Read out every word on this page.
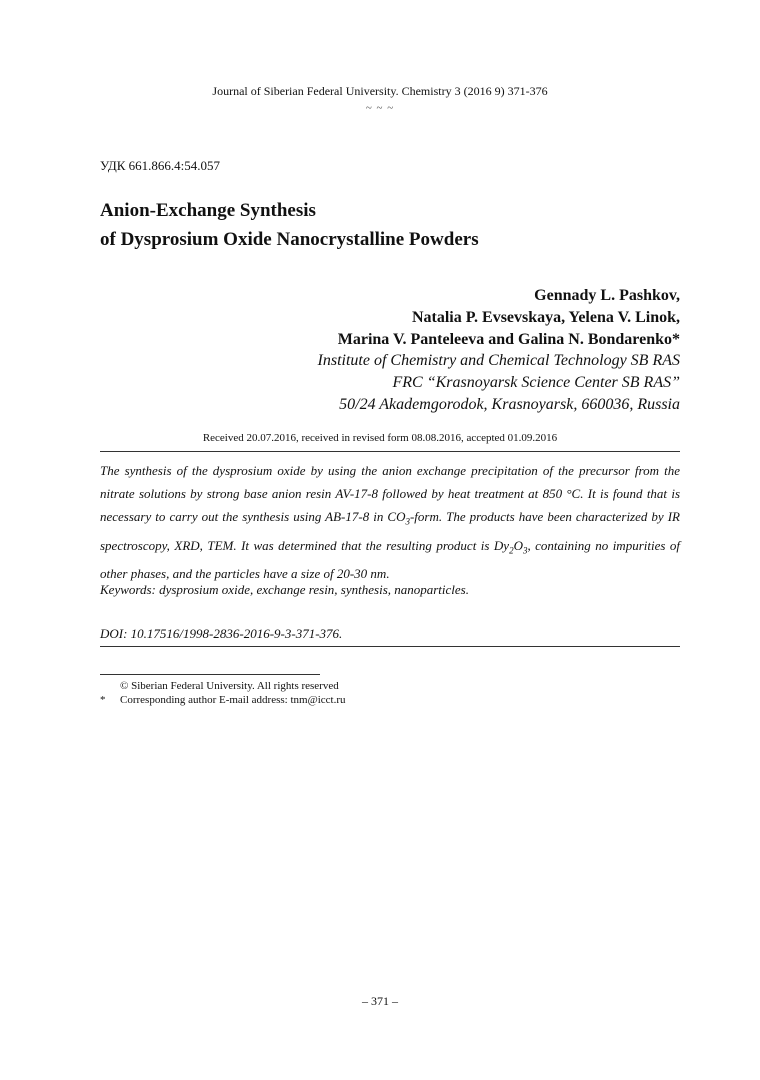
Journal of Siberian Federal University. Chemistry 3 (2016 9) 371-376
~ ~ ~
УДК 661.866.4:54.057
Anion-Exchange Synthesis
of Dysprosium Oxide Nanocrystalline Powders
Gennady L. Pashkov,
Natalia P. Evsevskaya, Yelena V. Linok,
Marina V. Panteleeva and Galina N. Bondarenko*
Institute of Chemistry and Chemical Technology SB RAS
FRC “Krasnoyarsk Science Center SB RAS”
50/24 Akademgorodok, Krasnoyarsk, 660036, Russia
Received 20.07.2016, received in revised form 08.08.2016, accepted 01.09.2016
The synthesis of the dysprosium oxide by using the anion exchange precipitation of the precursor from the nitrate solutions by strong base anion resin AV-17-8 followed by heat treatment at 850 °C. It is found that is necessary to carry out the synthesis using AB-17-8 in $CO_3$-form. The products have been characterized by IR spectroscopy, XRD, TEM. It was determined that the resulting product is $Dy_2O_3$, containing no impurities of other phases, and the particles have a size of 20-30 nm.
Keywords: dysprosium oxide, exchange resin, synthesis, nanoparticles.
DOI: 10.17516/1998-2836-2016-9-3-371-376.
© Siberian Federal University. All rights reserved
* Corresponding author E-mail address: tnm@icct.ru
– 371 –
